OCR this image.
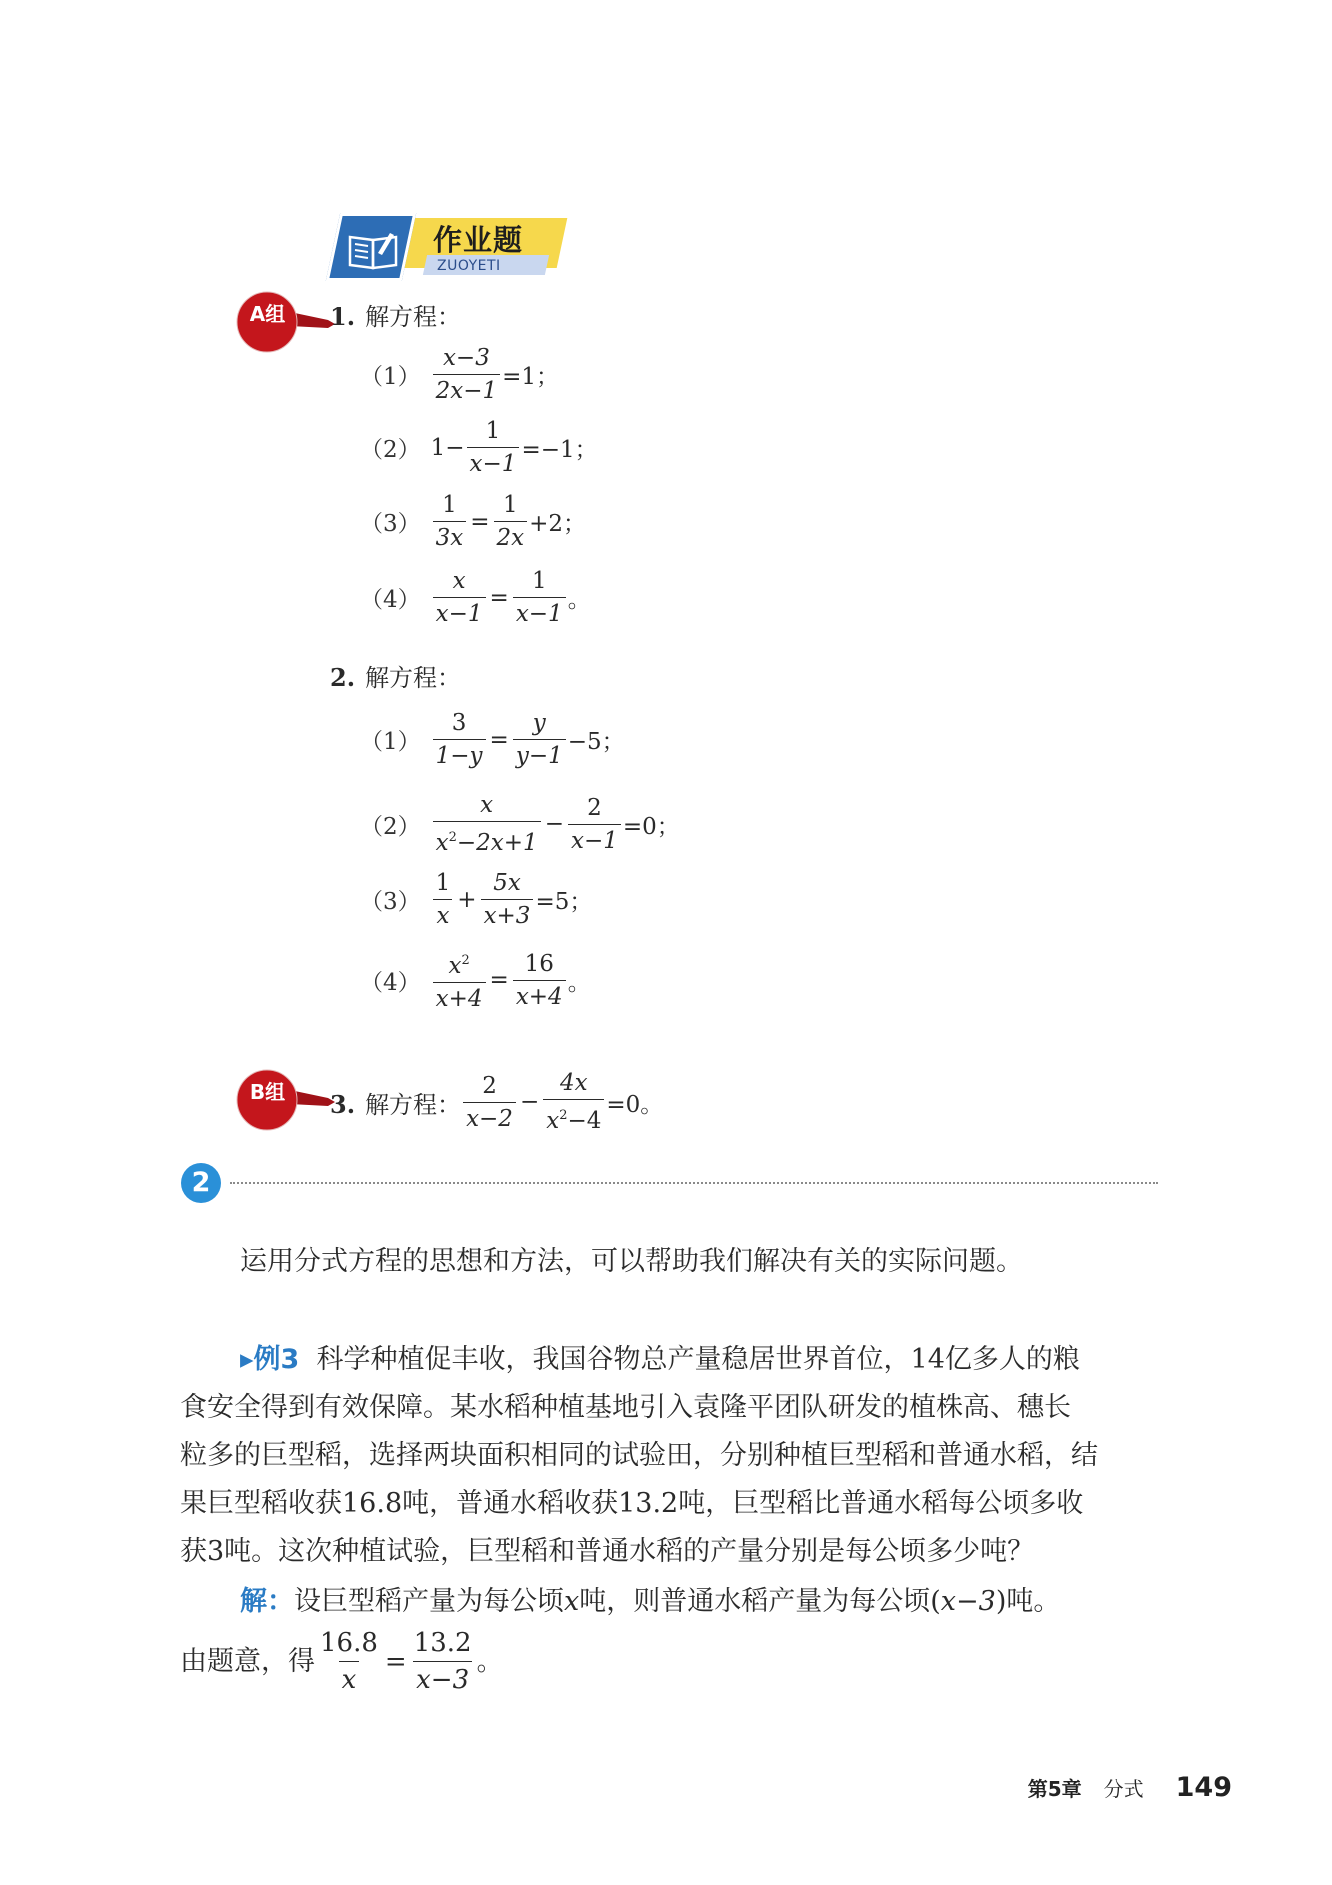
作业题
ZUOYETI
A组	1. 解方程：
$(1) \frac{x-3}{2x-1} =1$；
（2） $1- \frac{1}{x-1} =-1$；
$(3) \frac{1}{3x} = \frac{1}{2x} +2$；
$(4) \frac{x}{x-1} = \frac{1}{x-1}$ 。
2. 解方程：
$(1) \frac{3}{1-y} = \frac{y}{y-1} -5$；
$(2) \frac{x}{x^2-2x+1} - \frac{2}{x-1} =0$；
$(3) \frac{1}{x} + \frac{5x}{x+3} =5$；
$(4) \frac{x^2}{x+4} = \frac{16}{x+4}$ 。
B组	3. 解方程： $\frac{2}{x-2} - \frac{4x}{x^2-4} =0$。
2
运用分式方程的思想和方法，可以帮助我们解决有关的实际问题。
▸例3 科学种植促丰收，我国谷物总产量稳居世界首位，14亿多人的粮
食安全得到有效保障。某水稻种植基地引入袁隆平团队研发的植株高、穗长
粒多的巨型稻，选择两块面积相同的试验田，分别种植巨型稻和普通水稻，结
果巨型稻收获16.8吨，普通水稻收获13.2吨，巨型稻比普通水稻每公顷多收
获3吨。这次种植试验，巨型稻和普通水稻的产量分别是每公顷多少吨？
解：设巨型稻产量为每公顷x吨，则普通水稻产量为每公顷(x−3)吨。
由题意，得 $\frac{16.8}{x} = \frac{13.2}{x-3}$ 。
第5章 分式 149
